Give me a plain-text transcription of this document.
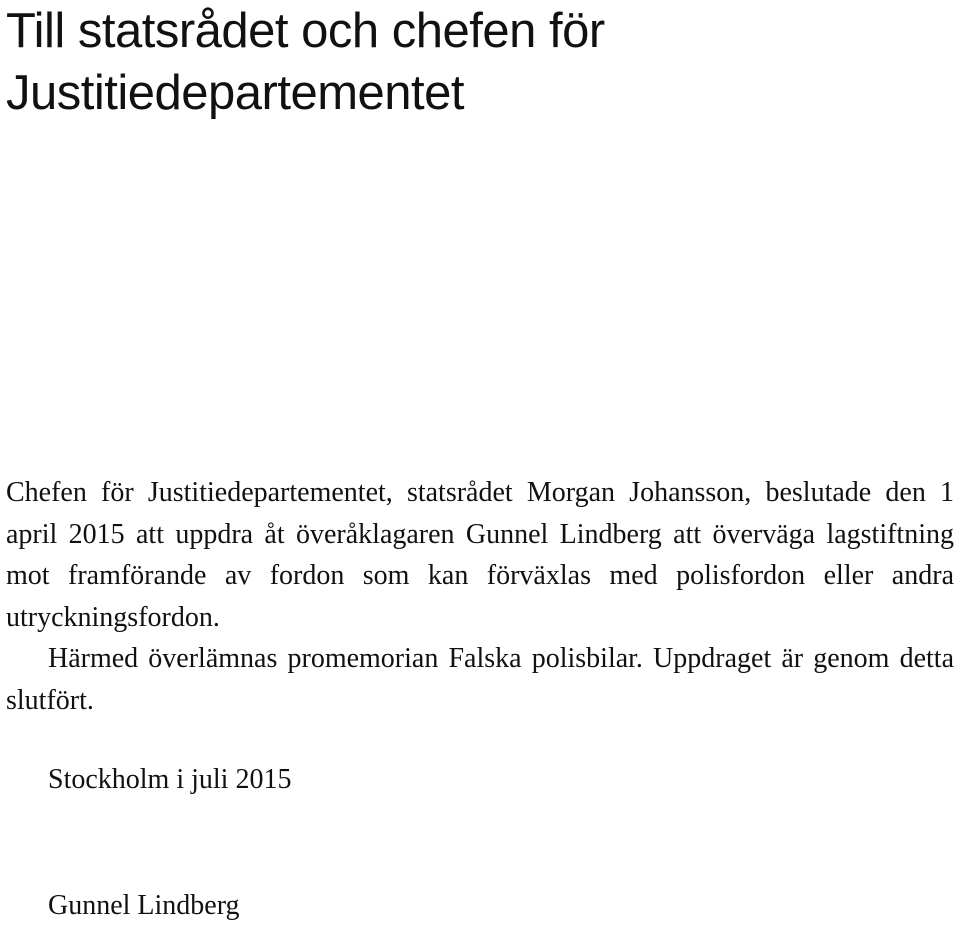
Till statsrådet och chefen för
Justitiedepartementet

Chefen för Justitiedepartementet, statsrådet Morgan Johansson, beslutade den 1 april 2015 att uppdra åt överåklagaren Gunnel Lindberg att överväga lagstiftning mot framförande av fordon som kan förväxlas med polisfordon eller andra utryckningsfordon.

Härmed överlämnas promemorian Falska polisbilar. Uppdraget är genom detta slutfört.

Stockholm i juli 2015
Gunnel Lindberg
